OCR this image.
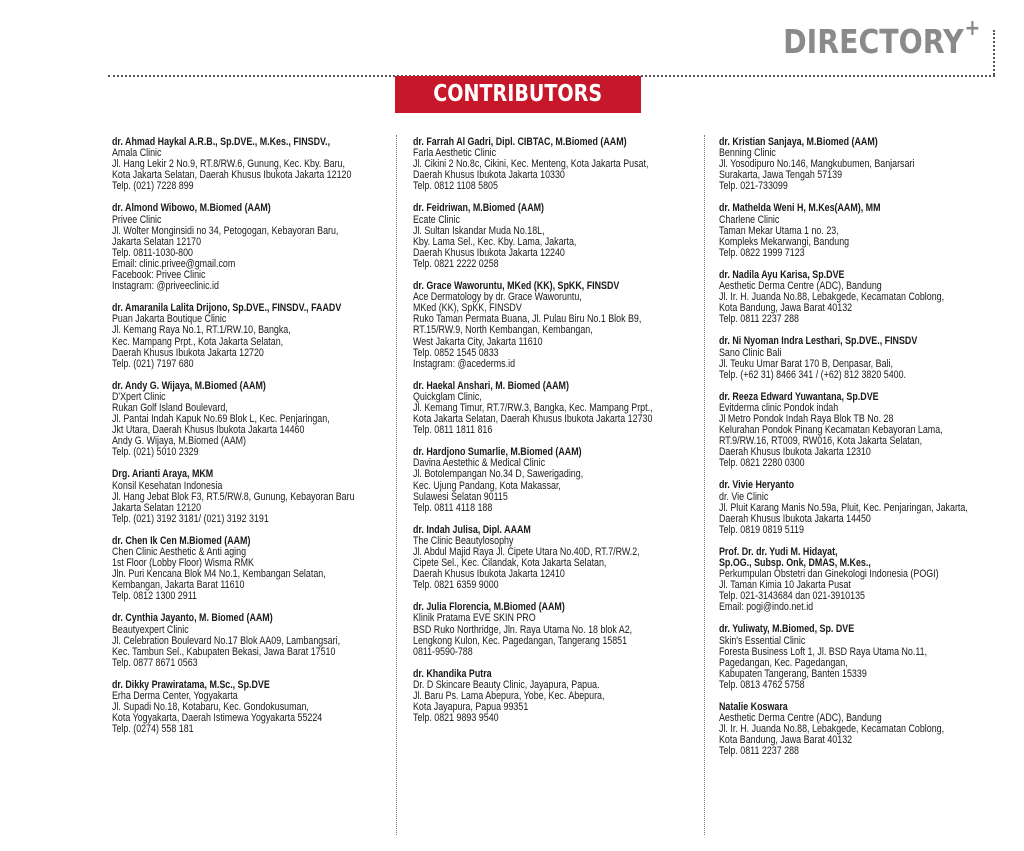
DIRECTORY+
CONTRIBUTORS
dr. Ahmad Haykal A.R.B., Sp.DVE., M.Kes., FINSDV.,
Amala Clinic
Jl. Hang Lekir 2 No.9, RT.8/RW.6, Gunung, Kec. Kby. Baru,
Kota Jakarta Selatan, Daerah Khusus Ibukota Jakarta 12120
Telp. (021) 7228 899
dr. Almond Wibowo, M.Biomed (AAM)
Privee Clinic
Jl. Wolter Monginsidi no 34, Petogogan, Kebayoran Baru,
Jakarta Selatan 12170
Telp. 0811-1030-800
Email: clinic.privee@gmail.com
Facebook: Privee Clinic
Instagram: @priveeclinic.id
dr. Amaranila Lalita Drijono, Sp.DVE., FINSDV., FAADV
Puan Jakarta Boutique Clinic
Jl. Kemang Raya No.1, RT.1/RW.10, Bangka,
Kec. Mampang Prpt., Kota Jakarta Selatan,
Daerah Khusus Ibukota Jakarta 12720
Telp. (021) 7197 680
dr. Andy G. Wijaya, M.Biomed (AAM)
D'Xpert Clinic
Rukan Golf Island Boulevard,
Jl. Pantai Indah Kapuk No.69 Blok L, Kec. Penjaringan,
Jkt Utara, Daerah Khusus Ibukota Jakarta 14460
Andy G. Wijaya, M.Biomed (AAM)
Telp. (021) 5010 2329
Drg. Arianti Araya, MKM
Konsil Kesehatan Indonesia
Jl. Hang Jebat Blok F3, RT.5/RW.8, Gunung, Kebayoran Baru
Jakarta Selatan 12120
Telp. (021) 3192 3181/ (021) 3192 3191
dr. Chen Ik Cen M.Biomed (AAM)
Chen Clinic Aesthetic & Anti aging
1st Floor (Lobby Floor) Wisma RMK
Jln. Puri Kencana Blok M4 No.1, Kembangan Selatan,
Kembangan, Jakarta Barat 11610
Telp. 0812 1300 2911
dr. Cynthia Jayanto, M. Biomed (AAM)
Beautyexpert Clinic
Jl. Celebration Boulevard No.17 Blok AA09, Lambangsari,
Kec. Tambun Sel., Kabupaten Bekasi, Jawa Barat 17510
Telp. 0877 8671 0563
dr. Dikky Prawiratama, M.Sc., Sp.DVE
Erha Derma Center, Yogyakarta
Jl. Supadi No.18, Kotabaru, Kec. Gondokusuman,
Kota Yogyakarta, Daerah Istimewa Yogyakarta 55224
Telp. (0274) 558 181
dr. Farrah Al Gadri, Dipl. CIBTAC, M.Biomed (AAM)
Farla Aesthetic Clinic
Jl. Cikini 2 No.8c, Cikini, Kec. Menteng, Kota Jakarta Pusat,
Daerah Khusus Ibukota Jakarta 10330
Telp. 0812 1108 5805
dr. Feidriwan, M.Biomed (AAM)
Ecate Clinic
Jl. Sultan Iskandar Muda No.18L,
Kby. Lama Sel., Kec. Kby. Lama, Jakarta,
Daerah Khusus Ibukota Jakarta 12240
Telp. 0821 2222 0258
dr. Grace Waworuntu, MKed (KK), SpKK, FINSDV
Ace Dermatology by dr. Grace Waworuntu,
MKed (KK), SpKK, FINSDV
Ruko Taman Permata Buana, Jl. Pulau Biru No.1 Blok B9,
RT.15/RW.9, North Kembangan, Kembangan,
West Jakarta City, Jakarta 11610
Telp. 0852 1545 0833
Instagram: @acederms.id
dr. Haekal Anshari, M. Biomed (AAM)
Quickglam Clinic,
Jl. Kemang Timur, RT.7/RW.3, Bangka, Kec. Mampang Prpt.,
Kota Jakarta Selatan, Daerah Khusus Ibukota Jakarta 12730
Telp. 0811 1811 816
dr. Hardjono Sumarlie, M.Biomed (AAM)
Davina Aestethic & Medical Clinic
Jl. Botolempangan No.34 D, Sawerigading,
Kec. Ujung Pandang, Kota Makassar,
Sulawesi Selatan 90115
Telp. 0811 4118 188
dr. Indah Julisa, Dipl. AAAM
The Clinic Beautylosophy
Jl. Abdul Majid Raya Jl. Cipete Utara No.40D, RT.7/RW.2,
Cipete Sel., Kec. Cilandak, Kota Jakarta Selatan,
Daerah Khusus Ibukota Jakarta 12410
Telp. 0821 6359 9000
dr. Julia Florencia, M.Biomed (AAM)
Klinik Pratama EVE SKIN PRO
BSD Ruko Northridge, Jln. Raya Utama No. 18 blok A2,
Lengkong Kulon, Kec. Pagedangan, Tangerang 15851
0811-9590-788
dr. Khandika Putra
Dr. D Skincare Beauty Clinic, Jayapura, Papua.
Jl. Baru Ps. Lama Abepura, Yobe, Kec. Abepura,
Kota Jayapura, Papua 99351
Telp. 0821 9893 9540
dr. Kristian Sanjaya, M.Biomed (AAM)
Benning Clinic
Jl. Yosodipuro No.146, Mangkubumen, Banjarsari
Surakarta, Jawa Tengah 57139
Telp. 021-733099
dr. Mathelda Weni H, M.Kes(AAM), MM
Charlene Clinic
Taman Mekar Utama 1 no. 23,
Kompleks Mekarwangi, Bandung
Telp. 0822 1999 7123
dr. Nadila Ayu Karisa, Sp.DVE
Aesthetic Derma Centre (ADC), Bandung
Jl. Ir. H. Juanda No.88, Lebakgede, Kecamatan Coblong,
Kota Bandung, Jawa Barat 40132
Telp. 0811 2237 288
dr. Ni Nyoman Indra Lesthari, Sp.DVE., FINSDV
Sano Clinic Bali
Jl. Teuku Umar Barat 170 B, Denpasar, Bali,
Telp. (+62 31) 8466 341 / (+62) 812 3820 5400.
dr. Reeza Edward Yuwantana, Sp.DVE
Evitderma clinic Pondok indah
Jl Metro Pondok Indah Raya Blok TB No. 28
Kelurahan Pondok Pinang Kecamatan Kebayoran Lama,
RT.9/RW.16, RT009, RW016, Kota Jakarta Selatan,
Daerah Khusus Ibukota Jakarta 12310
Telp. 0821 2280 0300
dr. Vivie Heryanto
dr. Vie Clinic
Jl. Pluit Karang Manis No.59a, Pluit, Kec. Penjaringan, Jakarta,
Daerah Khusus Ibukota Jakarta 14450
Telp. 0819 0819 5119
Prof. Dr. dr. Yudi M. Hidayat,
Sp.OG., Subsp. Onk, DMAS, M.Kes.,
Perkumpulan Obstetri dan Ginekologi Indonesia (POGI)
Jl. Taman Kimia 10 Jakarta Pusat
Telp. 021-3143684 dan 021-3910135
Email: pogi@indo.net.id
dr. Yuliwaty, M.Biomed, Sp. DVE
Skin's Essential Clinic
Foresta Business Loft 1, Jl. BSD Raya Utama No.11,
Pagedangan, Kec. Pagedangan,
Kabupaten Tangerang, Banten 15339
Telp. 0813 4762 5758
Natalie Koswara
Aesthetic Derma Centre (ADC), Bandung
Jl. Ir. H. Juanda No.88, Lebakgede, Kecamatan Coblong,
Kota Bandung, Jawa Barat 40132
Telp. 0811 2237 288
